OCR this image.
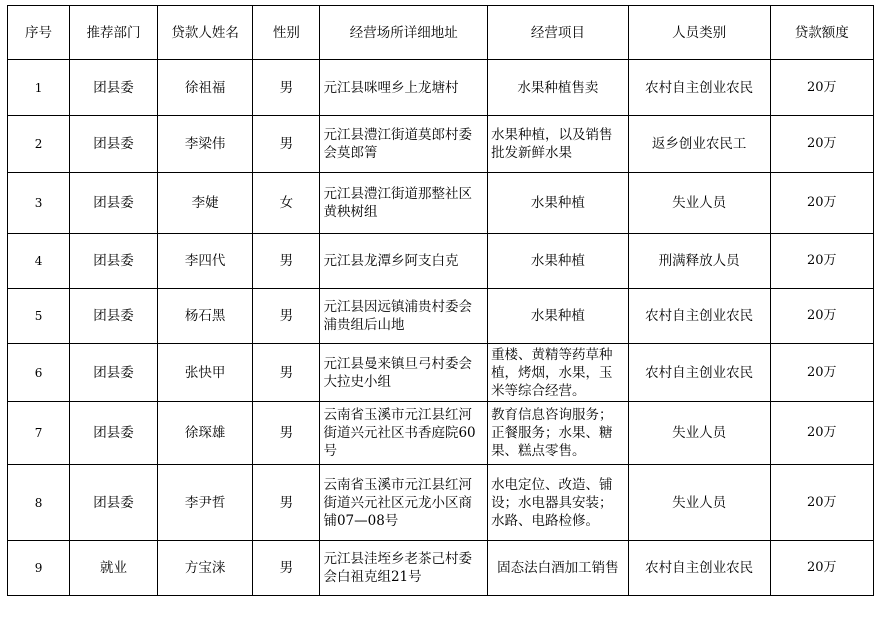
序号	推荐部门	贷款人姓名	性别	经营场所详细地址	经营项目	人员类别	贷款额度
1	团县委	徐祖福	男	元江县咪哩乡上龙塘村	水果种植售卖	农村自主创业农民	20万
2	团县委	李梁伟	男	元江县澧江街道莫郎村委会莫郎箐	水果种植，以及销售批发新鲜水果	返乡创业农民工	20万
3	团县委	李婕	女	元江县澧江街道那整社区黄秧树组	水果种植	失业人员	20万
4	团县委	李四代	男	元江县龙潭乡阿支白克	水果种植	刑满释放人员	20万
5	团县委	杨石黑	男	元江县因远镇浦贵村委会浦贵组后山地	水果种植	农村自主创业农民	20万
6	团县委	张快甲	男	元江县曼来镇旦弓村委会大拉史小组	重楼、黄精等药草种植，烤烟，水果，玉米等综合经营。	农村自主创业农民	20万
7	团县委	徐琛雄	男	云南省玉溪市元江县红河街道兴元社区书香庭院60号	教育信息咨询服务；正餐服务；水果、糖果、糕点零售。	失业人员	20万
8	团县委	李尹哲	男	云南省玉溪市元江县红河街道兴元社区元龙小区商铺07—08号	水电定位、改造、铺设；水电器具安装；水路、电路检修。	失业人员	20万
9	就业	方宝涞	男	元江县洼垤乡老茶己村委会白祖克组21号	固态法白酒加工销售	农村自主创业农民	20万
